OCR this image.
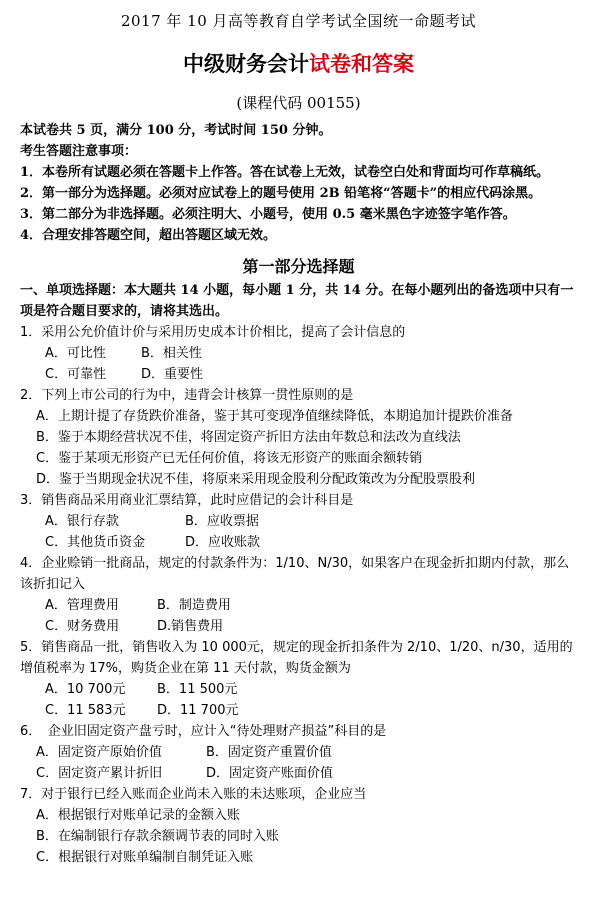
2017 年 10 月高等教育自学考试全国统一命题考试
中级财务会计试卷和答案
(课程代码 00155)
本试卷共 5 页，满分 100 分，考试时间 150 分钟。
考生答题注意事项：
1．本卷所有试题必须在答题卡上作答。答在试卷上无效，试卷空白处和背面均可作草稿纸。
2．第一部分为选择题。必须对应试卷上的题号使用 2B 铅笔将“答题卡”的相应代码涂黑。
3．第二部分为非选择题。必须注明大、小题号，使用 0.5 毫米黑色字迹签字笔作答。
4．合理安排答题空间，超出答题区域无效。
第一部分选择题
一、单项选择题：本大题共 14 小题，每小题 1 分，共 14 分。在每小题列出的备选项中只有一项是符合题目要求的，请将其选出。
1．采用公允价值计价与采用历史成本计价相比，提高了会计信息的
A．可比性	B．相关性
C．可靠性	D．重要性
2．下列上市公司的行为中，违背会计核算一贯性原则的是
A．上期计提了存货跌价准备，鉴于其可变现净值继续降低，本期追加计提跌价准备
B．鉴于本期经营状况不佳，将固定资产折旧方法由年数总和法改为直线法
C．鉴于某项无形资产已无任何价值，将该无形资产的账面余额转销
D．鉴于当期现金状况不佳，将原来采用现金股利分配政策改为分配股票股利
3．销售商品采用商业汇票结算，此时应借记的会计科目是
A．银行存款	B．应收票据
C．其他货币资金	D．应收账款
4．企业赊销一批商品，规定的付款条件为：1/10、N/30，如果客户在现金折扣期内付款，那么该折扣记入
A．管理费用	B．制造费用
C．财务费用	D.销售费用
5．销售商品一批，销售收入为 10 000元，规定的现金折扣条件为 2/10、1/20、n/30，适用的增值税率为 17%，购货企业在第 11 天付款，购货金额为
A．10 700元	B．11 500元
C．11 583元	D．11 700元
6．　企业旧固定资产盘亏时，应计入“待处理财产损益”科目的是
A．固定资产原始价值	B．固定资产重置价值
C．固定资产累计折旧	D．固定资产账面价值
7．对于银行已经入账而企业尚未入账的未达账项，企业应当
A．根据银行对账单记录的金额入账
B．在编制银行存款余额调节表的同时入账
C．根据银行对账单编制自制凭证入账
